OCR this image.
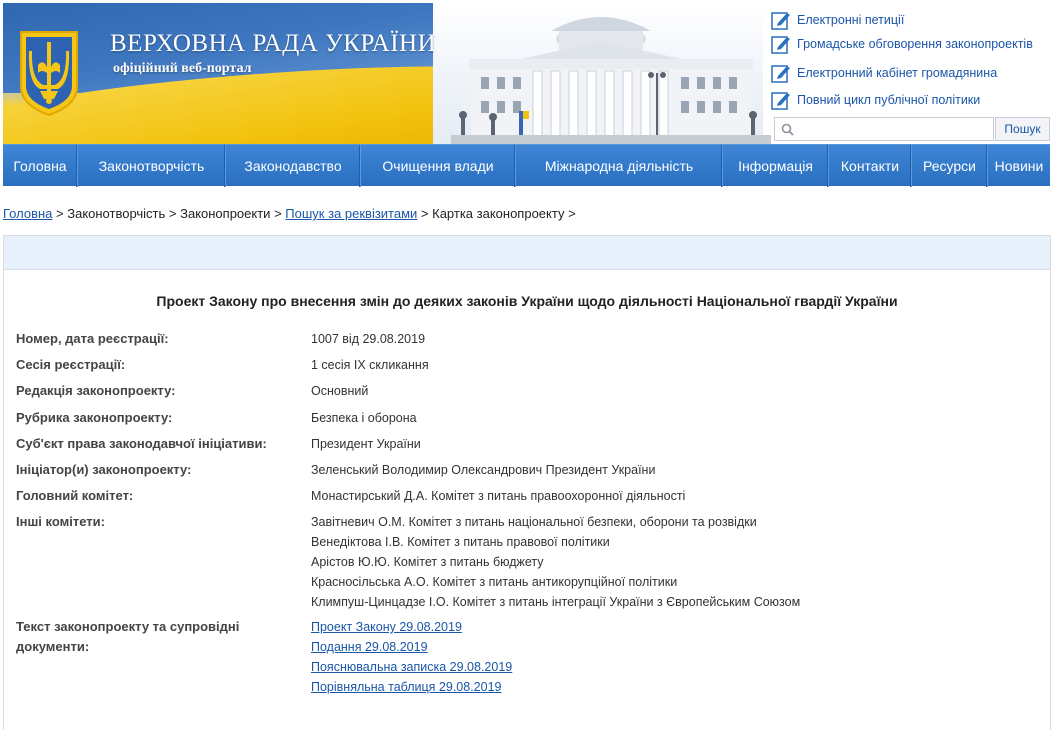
ВЕРХОВНА РАДА УКРАЇНИ
офіційний веб-портал
Електронні петиції
Громадське обговорення законопроектів
Електронний кабінет громадянина
Повний цикл публічної політики
Пошук
Головна	Законотворчість	Законодавство	Очищення влади	Міжнародна діяльність	Інформація	Контакти	Ресурси	Новини
Головна > Законотворчість > Законопроекти > Пошук за реквізитами > Картка законопроекту >
Проект Закону про внесення змін до деяких законів України щодо діяльності Національної гвардії України
Номер, дата реєстрації:	1007 від 29.08.2019
Сесія реєстрації:	1 сесія IX скликання
Редакція законопроекту:	Основний
Рубрика законопроекту:	Безпека і оборона
Суб'єкт права законодавчої ініціативи:	Президент України
Ініціатор(и) законопроекту:	Зеленський Володимир Олександрович Президент України
Головний комітет:	Монастирський Д.А. Комітет з питань правоохоронної діяльності
Інші комітети:	Завітневич О.М. Комітет з питань національної безпеки, оборони та розвідки
Венедіктова І.В. Комітет з питань правової політики
Арістов Ю.Ю. Комітет з питань бюджету
Красносільська А.О. Комітет з питань антикорупційної політики
Климпуш-Цинцадзе І.О. Комітет з питань інтеграції України з Європейським Союзом
Текст законопроекту та супровідні документи:
Проект Закону 29.08.2019
Подання 29.08.2019
Пояснювальна записка 29.08.2019
Порівняльна таблиця 29.08.2019
